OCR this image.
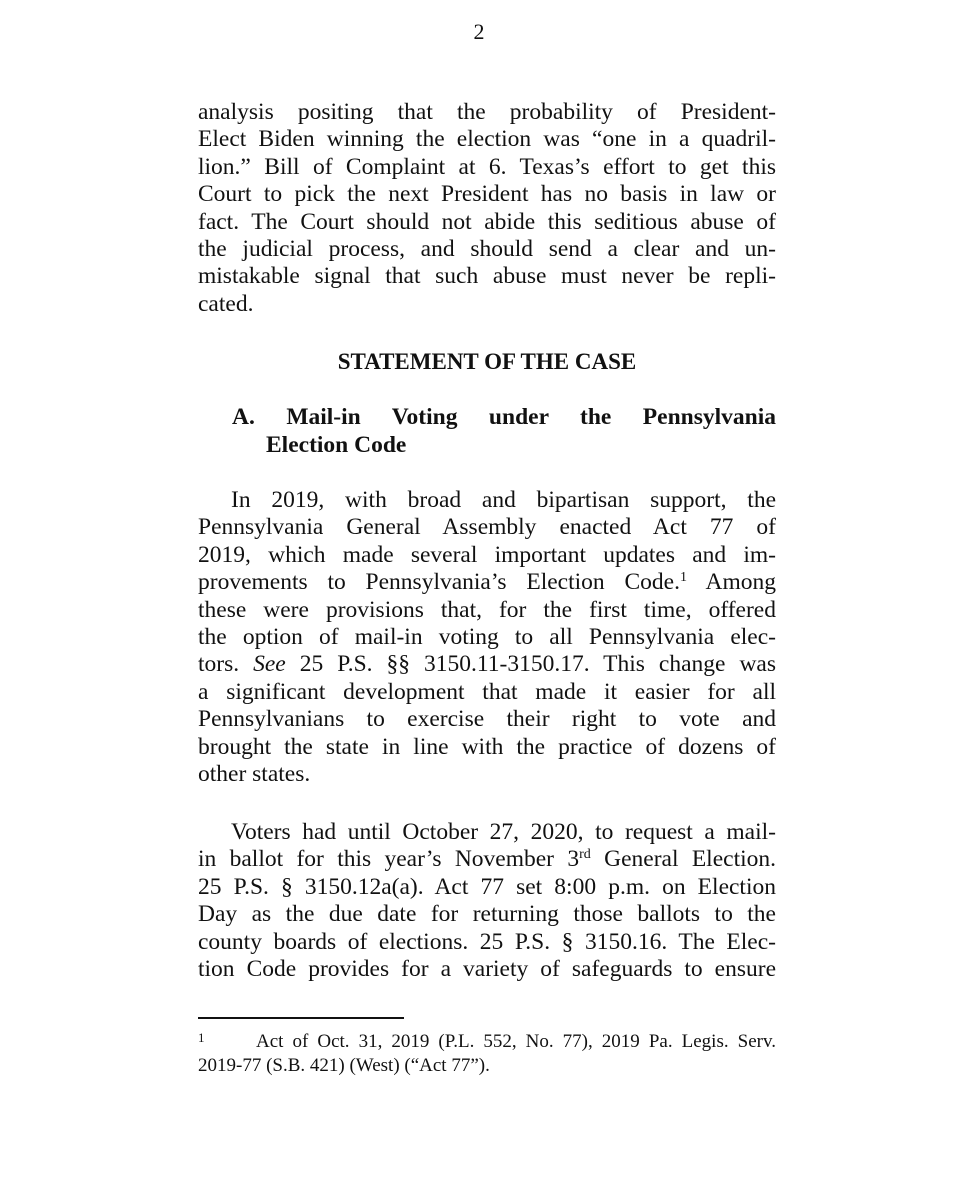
2
analysis positing that the probability of President-
Elect Biden winning the election was “one in a quadril-
lion.” Bill of Complaint at 6. Texas’s effort to get this
Court to pick the next President has no basis in law or
fact. The Court should not abide this seditious abuse of
the judicial process, and should send a clear and un-
mistakable signal that such abuse must never be repli-
cated.
STATEMENT OF THE CASE
A. Mail-in Voting under the Pennsylvania
Election Code
In 2019, with broad and bipartisan support, the
Pennsylvania General Assembly enacted Act 77 of
2019, which made several important updates and im-
provements to Pennsylvania’s Election Code.$^1$ Among
these were provisions that, for the first time, offered
the option of mail-in voting to all Pennsylvania elec-
tors. See 25 P.S. §§ 3150.11-3150.17. This change was
a significant development that made it easier for all
Pennsylvanians to exercise their right to vote and
brought the state in line with the practice of dozens of
other states.
Voters had until October 27, 2020, to request a mail-
in ballot for this year’s November 3rd General Election.
25 P.S. § 3150.12a(a). Act 77 set 8:00 p.m. on Election
Day as the due date for returning those ballots to the
county boards of elections. 25 P.S. § 3150.16. The Elec-
tion Code provides for a variety of safeguards to ensure
1	Act of Oct. 31, 2019 (P.L. 552, No. 77), 2019 Pa. Legis. Serv.
2019-77 (S.B. 421) (West) (“Act 77”).
